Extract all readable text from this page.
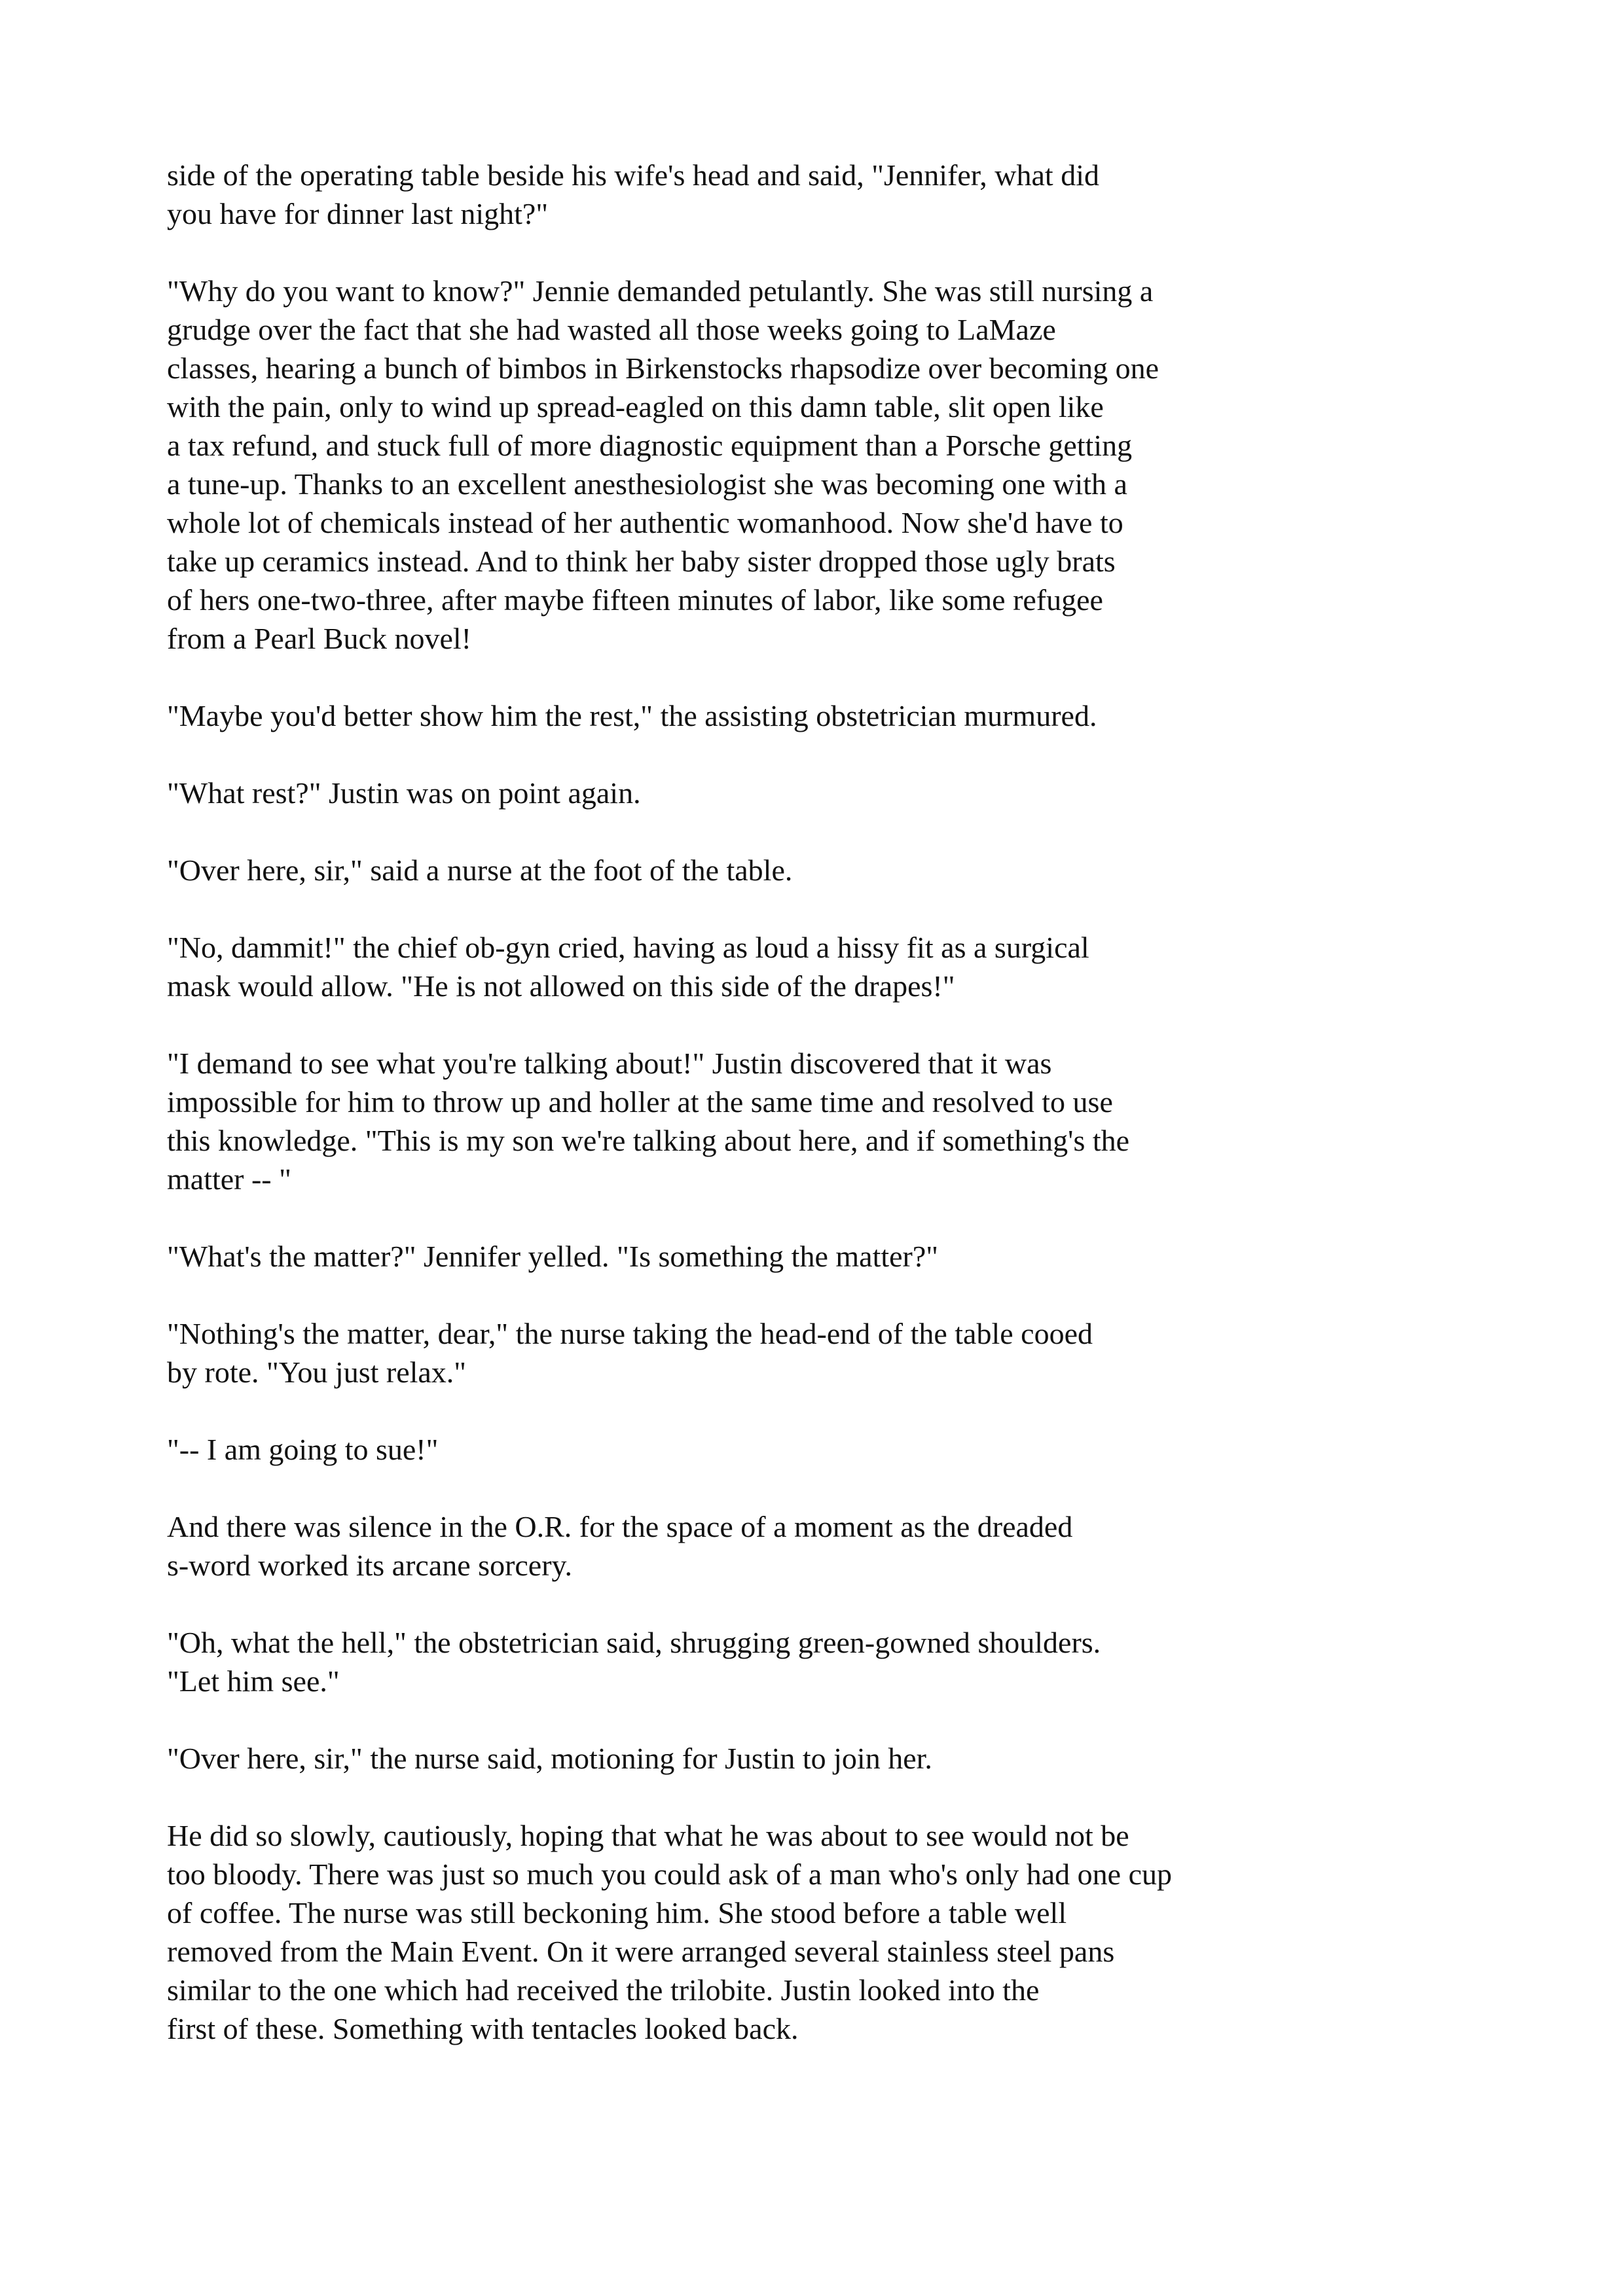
side of the operating table beside his wife's head and said, "Jennifer, what did
you have for dinner last night?"

"Why do you want to know?" Jennie demanded petulantly. She was still nursing a
grudge over the fact that she had wasted all those weeks going to LaMaze
classes, hearing a bunch of bimbos in Birkenstocks rhapsodize over becoming one
with the pain, only to wind up spread-eagled on this damn table, slit open like
a tax refund, and stuck full of more diagnostic equipment than a Porsche getting
a tune-up. Thanks to an excellent anesthesiologist she was becoming one with a
whole lot of chemicals instead of her authentic womanhood. Now she'd have to
take up ceramics instead. And to think her baby sister dropped those ugly brats
of hers one-two-three, after maybe fifteen minutes of labor, like some refugee
from a Pearl Buck novel!

"Maybe you'd better show him the rest," the assisting obstetrician murmured.

"What rest?" Justin was on point again.

"Over here, sir," said a nurse at the foot of the table.

"No, dammit!" the chief ob-gyn cried, having as loud a hissy fit as a surgical
mask would allow. "He is not allowed on this side of the drapes!"

"I demand to see what you're talking about!" Justin discovered that it was
impossible for him to throw up and holler at the same time and resolved to use
this knowledge. "This is my son we're talking about here, and if something's the
matter -- "

"What's the matter?" Jennifer yelled. "Is something the matter?"

"Nothing's the matter, dear," the nurse taking the head-end of the table cooed
by rote. "You just relax."

"-- I am going to sue!"

And there was silence in the O.R. for the space of a moment as the dreaded
s-word worked its arcane sorcery.

"Oh, what the hell," the obstetrician said, shrugging green-gowned shoulders.
"Let him see."

"Over here, sir," the nurse said, motioning for Justin to join her.

He did so slowly, cautiously, hoping that what he was about to see would not be
too bloody. There was just so much you could ask of a man who's only had one cup
of coffee. The nurse was still beckoning him. She stood before a table well
removed from the Main Event. On it were arranged several stainless steel pans
similar to the one which had received the trilobite. Justin looked into the
first of these. Something with tentacles looked back.
